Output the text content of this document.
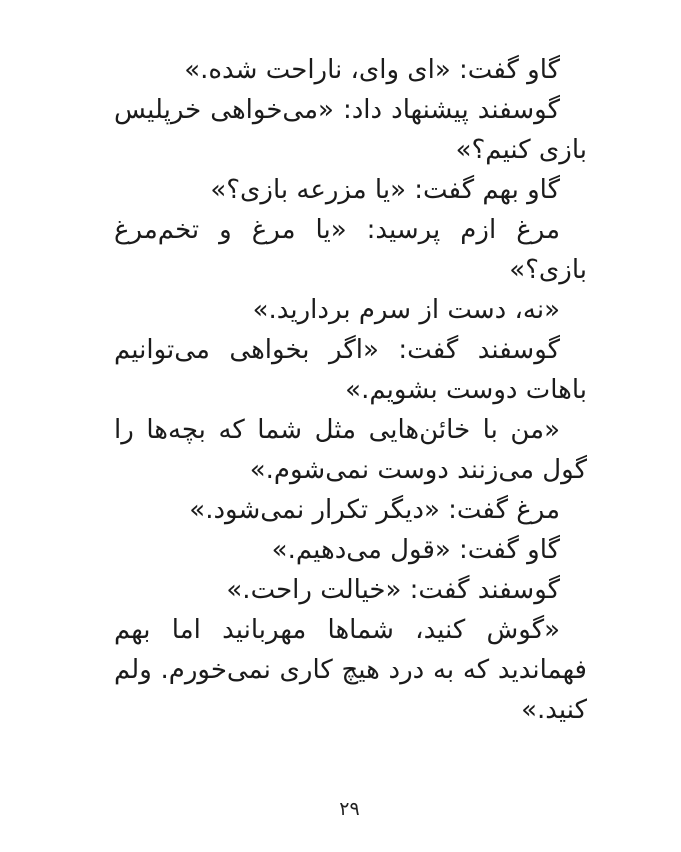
گاو گفت: «ای وای، ناراحت شده.»

گوسفند پیشنهاد داد: «می‌خواهی خرپلیس بازی کنیم؟»

گاو بهم گفت: «یا مزرعه بازی؟»

مرغ ازم پرسید: «یا مرغ و تخم‌مرغ بازی؟»

«نه، دست از سرم بردارید.»

گوسفند گفت: «اگر بخواهی می‌توانیم باهات دوست بشویم.»

«من با خائن‌هایی مثل شما که بچه‌ها را گول می‌زنند دوست نمی‌شوم.»

مرغ گفت: «دیگر تکرار نمی‌شود.»

گاو گفت: «قول می‌دهیم.»

گوسفند گفت: «خیالت راحت.»

«گوش کنید، شماها مهربانید اما بهم فهماندید که به درد هیچ کاری نمی‌خورم. ولم کنید.»

۲۹
